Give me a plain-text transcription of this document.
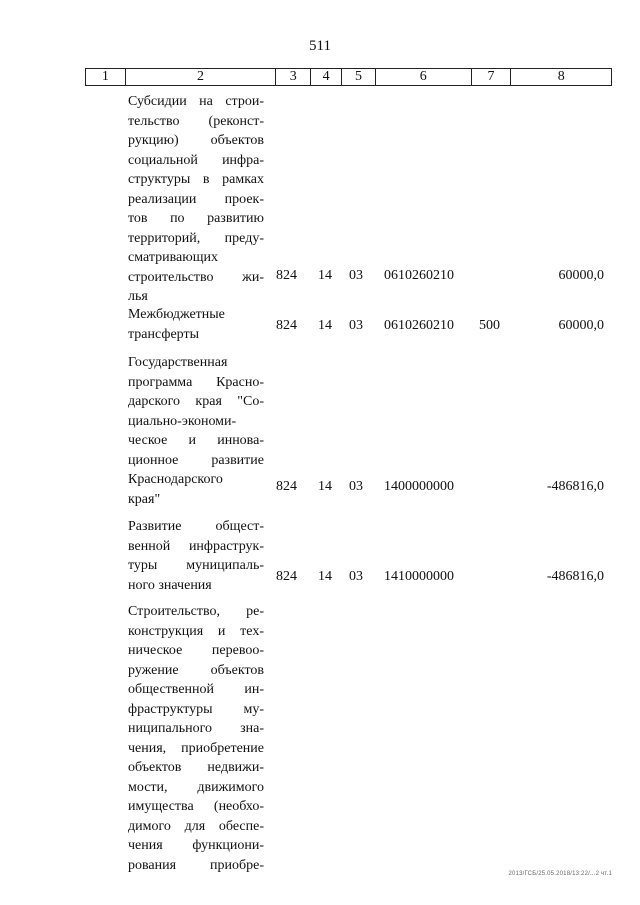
511
1	2	3	4	5	6	7	8
Субсидии на строи-
тельство (реконст-
рукцию) объектов
социальной инфра-
структуры в рамках
реализации проек-
тов по развитию
территорий, преду-
сматривающих
строительство жи-
лья
824 14 03 0610260210	60000,0
Межбюджетные
трансферты
824 14 03 0610260210 500	60000,0
Государственная
программа Красно-
дарского края "Со-
циально-экономи-
ческое и иннова-
ционное развитие
Краснодарского
края"
824 14 03 1400000000	-486816,0
Развитие общест-
венной инфраструк-
туры муниципаль-
ного значения
824 14 03 1410000000	-486816,0
Строительство, ре-
конструкция и тех-
ническое перевоо-
ружение объектов
общественной ин-
фраструктуры му-
ниципального зна-
чения, приобретение
объектов недвижи-
мости, движимого
имущества (необхо-
димого для обеспе-
чения функциони-
рования приобре-
2013/ГСБ/25.05.2018/13:22/...2 чт.1
